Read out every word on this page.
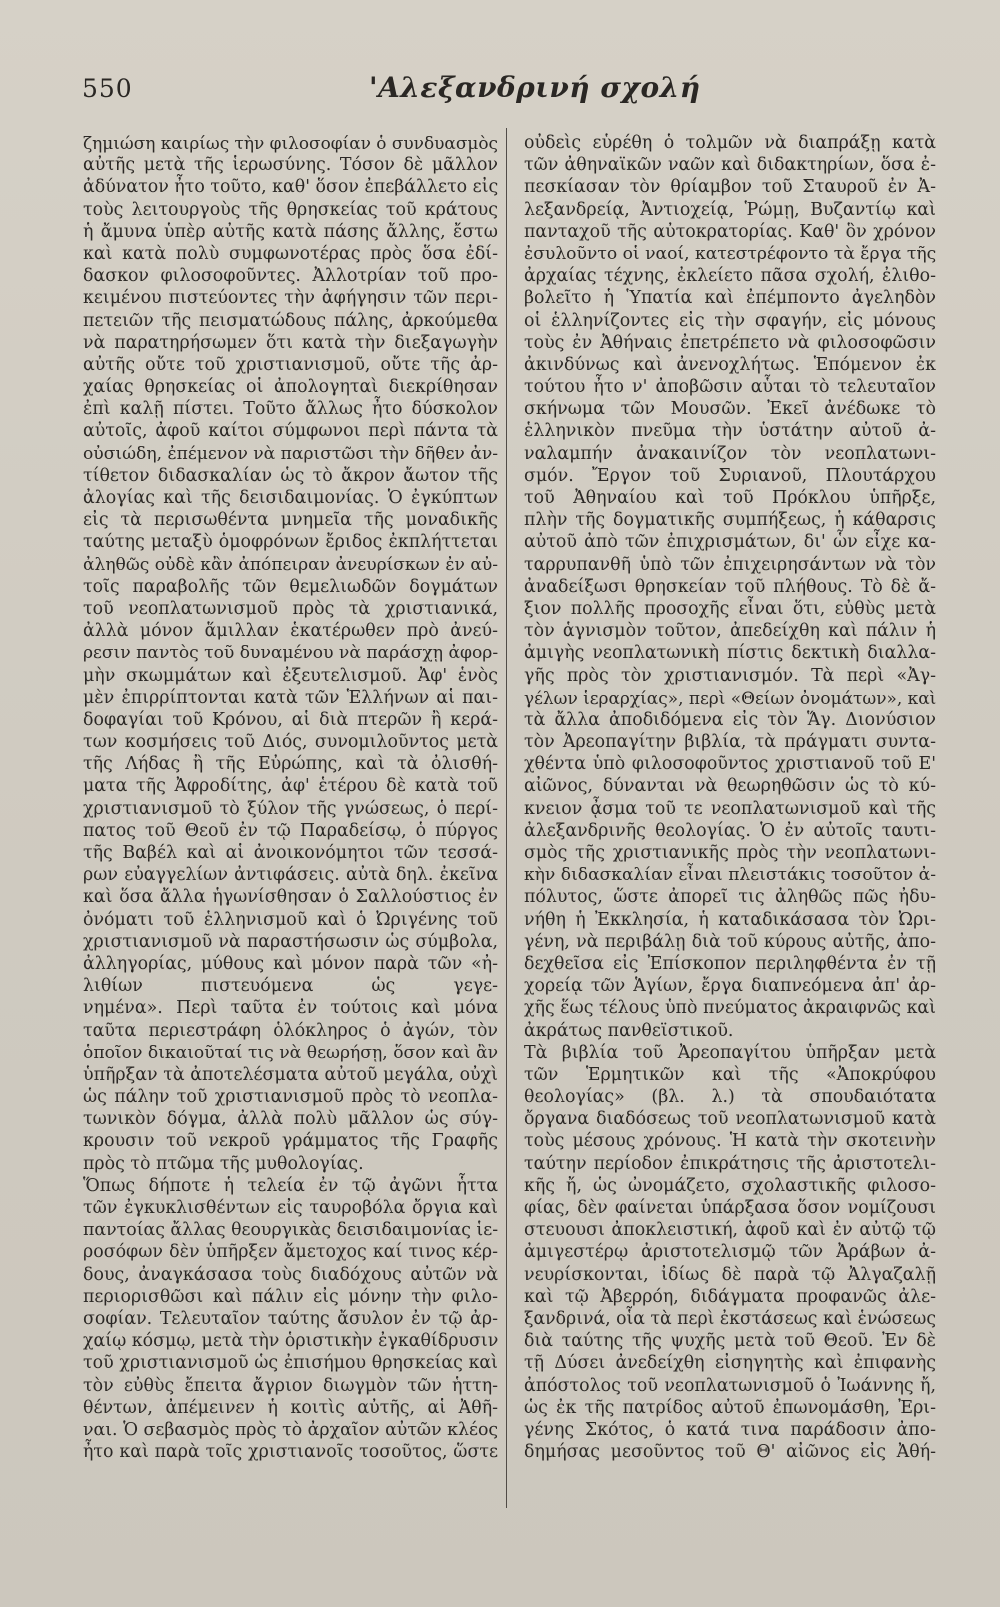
550	'Αλεξανδρινή σχολή
ζημιώση καιρίως τὴν φιλοσοφίαν ὁ συνδυασμὸς
αὐτῆς μετὰ τῆς ἱερωσύνης. Τόσον δὲ μᾶλλον
ἀδύνατον ἦτο τοῦτο, καθ' ὅσον ἐπεβάλλετο εἰς
τοὺς λειτουργοὺς τῆς θρησκείας τοῦ κράτους
ἡ ἄμυνα ὑπὲρ αὐτῆς κατὰ πάσης ἄλλης, ἔστω
καὶ κατὰ πολὺ συμφωνοτέρας πρὸς ὅσα ἐδί-
δασκον φιλοσοφοῦντες. Ἀλλοτρίαν τοῦ προ-
κειμένου πιστεύοντες τὴν ἀφήγησιν τῶν περι-
πετειῶν τῆς πεισματώδους πάλης, ἀρκούμεθα
νὰ παρατηρήσωμεν ὅτι κατὰ τὴν διεξαγωγὴν
αὐτῆς οὔτε τοῦ χριστιανισμοῦ, οὔτε τῆς ἀρ-
χαίας θρησκείας οἱ ἀπολογηταὶ διεκρίθησαν
ἐπὶ καλῇ πίστει. Τοῦτο ἄλλως ἦτο δύσκολον
αὐτοῖς, ἀφοῦ καίτοι σύμφωνοι περὶ πάντα τὰ
οὐσιώδη, ἐπέμενον νὰ παριστῶσι τὴν δῆθεν ἀν-
τίθετον διδασκαλίαν ὡς τὸ ἄκρον ἄωτον τῆς
ἀλογίας καὶ τῆς δεισιδαιμονίας. Ὁ ἐγκύπτων
εἰς τὰ περισωθέντα μνημεῖα τῆς μοναδικῆς
ταύτης μεταξὺ ὁμοφρόνων ἔριδος ἐκπλήττεται
ἀληθῶς οὐδὲ κἂν ἀπόπειραν ἀνευρίσκων ἐν αὐ-
τοῖς παραβολῆς τῶν θεμελιωδῶν δογμάτων
τοῦ νεοπλατωνισμοῦ πρὸς τὰ χριστιανικά,
ἀλλὰ μόνον ἅμιλλαν ἑκατέρωθεν πρὸ ἀνεύ-
ρεσιν παντὸς τοῦ δυναμένου νὰ παράσχῃ ἀφορ-
μὴν σκωμμάτων καὶ ἐξευτελισμοῦ. Ἀφ' ἑνὸς
μὲν ἐπιρρίπτονται κατὰ τῶν Ἑλλήνων αἱ παι-
δοφαγίαι τοῦ Κρόνου, αἱ διὰ πτερῶν ἢ κερά-
των κοσμήσεις τοῦ Διός, συνομιλοῦντος μετὰ
τῆς Λήδας ἢ τῆς Εὐρώπης, καὶ τὰ ὀλισθή-
ματα τῆς Ἀφροδίτης, ἀφ' ἑτέρου δὲ κατὰ τοῦ
χριστιανισμοῦ τὸ ξύλον τῆς γνώσεως, ὁ περί-
πατος τοῦ Θεοῦ ἐν τῷ Παραδείσῳ, ὁ πύργος
τῆς Βαβέλ καὶ αἱ ἀνοικονόμητοι τῶν τεσσά-
ρων εὐαγγελίων ἀντιφάσεις. αὐτὰ δηλ. ἐκεῖνα
καὶ ὅσα ἄλλα ἡγωνίσθησαν ὁ Σαλλούστιος ἐν
ὀνόματι τοῦ ἑλληνισμοῦ καὶ ὁ Ὠριγένης τοῦ
χριστιανισμοῦ νὰ παραστήσωσιν ὡς σύμβολα,
ἀλληγορίας, μύθους καὶ μόνον παρὰ τῶν «ἠ-
λιθίων πιστευόμενα ὡς γεγε-
νημένα». Περὶ ταῦτα ἐν τούτοις καὶ μόνα
ταῦτα περιεστράφη ὁλόκληρος ὁ ἀγών, τὸν
ὁποῖον δικαιοῦταί τις νὰ θεωρήσῃ, ὅσον καὶ ἂν
ὑπῆρξαν τὰ ἀποτελέσματα αὐτοῦ μεγάλα, οὐχὶ
ὡς πάλην τοῦ χριστιανισμοῦ πρὸς τὸ νεοπλα-
τωνικὸν δόγμα, ἀλλὰ πολὺ μᾶλλον ὡς σύγ-
κρουσιν τοῦ νεκροῦ γράμματος τῆς Γραφῆς
πρὸς τὸ πτῶμα τῆς μυθολογίας.
Ὅπως δήποτε ἡ τελεία ἐν τῷ ἀγῶνι ἧττα
τῶν ἐγκυκλισθέντων εἰς ταυροβόλα ὄργια καὶ
παντοίας ἄλλας θεουργικὰς δεισιδαιμονίας ἱε-
ροσόφων δὲν ὑπῆρξεν ἄμετοχος καί τινος κέρ-
δους, ἀναγκάσασα τοὺς διαδόχους αὐτῶν νὰ
περιορισθῶσι καὶ πάλιν εἰς μόνην τὴν φιλο-
σοφίαν. Τελευταῖον ταύτης ἄσυλον ἐν τῷ ἀρ-
χαίῳ κόσμῳ, μετὰ τὴν ὁριστικὴν ἐγκαθίδρυσιν
τοῦ χριστιανισμοῦ ὡς ἐπισήμου θρησκείας καὶ
τὸν εὐθὺς ἔπειτα ἄγριον διωγμὸν τῶν ἡττη-
θέντων, ἀπέμεινεν ἡ κοιτὶς αὐτῆς, αἱ Ἀθῆ-
ναι. Ὁ σεβασμὸς πρὸς τὸ ἀρχαῖον αὐτῶν κλέος
ἦτο καὶ παρὰ τοῖς χριστιανοῖς τοσοῦτος, ὥστε
οὐδεὶς εὑρέθη ὁ τολμῶν νὰ διαπράξῃ κατὰ
τῶν ἀθηναϊκῶν ναῶν καὶ διδακτηρίων, ὅσα ἐ-
πεσκίασαν τὸν θρίαμβον τοῦ Σταυροῦ ἐν Ἀ-
λεξανδρείᾳ, Ἀντιοχείᾳ, Ῥώμῃ, Βυζαντίῳ καὶ
πανταχοῦ τῆς αὐτοκρατορίας. Καθ' ὃν χρόνον
ἐσυλοῦντο οἱ ναοί, κατεστρέφοντο τὰ ἔργα τῆς
ἀρχαίας τέχνης, ἐκλείετο πᾶσα σχολή, ἐλιθο-
βολεῖτο ἡ Ὑπατία καὶ ἐπέμποντο ἀγεληδὸν
οἱ ἑλληνίζοντες εἰς τὴν σφαγήν, εἰς μόνους
τοὺς ἐν Ἀθήναις ἐπετρέπετο νὰ φιλοσοφῶσιν
ἀκινδύνως καὶ ἀνενοχλήτως. Ἑπόμενον ἐκ
τούτου ἦτο ν' ἀποβῶσιν αὗται τὸ τελευταῖον
σκήνωμα τῶν Μουσῶν. Ἐκεῖ ἀνέδωκε τὸ
ἑλληνικὸν πνεῦμα τὴν ὑστάτην αὐτοῦ ἀ-
ναλαμπήν ἀνακαινίζον τὸν νεοπλατωνι-
σμόν. Ἔργον τοῦ Συριανοῦ, Πλουτάρχου
τοῦ Ἀθηναίου καὶ τοῦ Πρόκλου ὑπῆρξε,
πλὴν τῆς δογματικῆς συμπήξεως, ἡ κάθαρσις
αὐτοῦ ἀπὸ τῶν ἐπιχρισμάτων, δι' ὧν εἶχε κα-
ταρρυπανθῆ ὑπὸ τῶν ἐπιχειρησάντων νὰ τὸν
ἀναδείξωσι θρησκείαν τοῦ πλήθους. Τὸ δὲ ἄ-
ξιον πολλῆς προσοχῆς εἶναι ὅτι, εὐθὺς μετὰ
τὸν ἁγνισμὸν τοῦτον, ἀπεδείχθη καὶ πάλιν ἡ
ἀμιγὴς νεοπλατωνικὴ πίστις δεκτικὴ διαλλα-
γῆς πρὸς τὸν χριστιανισμόν. Τὰ περὶ «Ἀγ-
γέλων ἱεραρχίας», περὶ «Θείων ὀνομάτων», καὶ
τὰ ἄλλα ἀποδιδόμενα εἰς τὸν Ἅγ. Διονύσιον
τὸν Ἀρεοπαγίτην βιβλία, τὰ πράγματι συντα-
χθέντα ὑπὸ φιλοσοφοῦντος χριστιανοῦ τοῦ Ε'
αἰῶνος, δύνανται νὰ θεωρηθῶσιν ὡς τὸ κύ-
κνειον ᾆσμα τοῦ τε νεοπλατωνισμοῦ καὶ τῆς
ἀλεξανδρινῆς θεολογίας. Ὁ ἐν αὐτοῖς ταυτι-
σμὸς τῆς χριστιανικῆς πρὸς τὴν νεοπλατωνι-
κὴν διδασκαλίαν εἶναι πλειστάκις τοσοῦτον ἀ-
πόλυτος, ὥστε ἀπορεῖ τις ἀληθῶς πῶς ἠδυ-
νήθη ἡ Ἐκκλησία, ἡ καταδικάσασα τὸν Ὠρι-
γένη, νὰ περιβάλῃ διὰ τοῦ κύρους αὐτῆς, ἀπο-
δεχθεῖσα εἰς Ἐπίσκοπον περιληφθέντα ἐν τῇ
χορείᾳ τῶν Ἁγίων, ἔργα διαπνεόμενα ἀπ' ἀρ-
χῆς ἕως τέλους ὑπὸ πνεύματος ἀκραιφνῶς καὶ
ἀκράτως πανθεϊστικοῦ.
Τὰ βιβλία τοῦ Ἀρεοπαγίτου ὑπῆρξαν μετὰ
τῶν Ἑρμητικῶν καὶ τῆς «Ἀποκρύφου
θεολογίας» (βλ. λ.) τὰ σπουδαιότατα
ὄργανα διαδόσεως τοῦ νεοπλατωνισμοῦ κατὰ
τοὺς μέσους χρόνους. Ἡ κατὰ τὴν σκοτεινὴν
ταύτην περίοδον ἐπικράτησις τῆς ἀριστοτελι-
κῆς ἤ, ὡς ὠνομάζετο, σχολαστικῆς φιλοσο-
φίας, δὲν φαίνεται ὑπάρξασα ὅσον νομίζουσι
στευουσι ἀποκλειστική, ἀφοῦ καὶ ἐν αὐτῷ τῷ
ἀμιγεστέρῳ ἀριστοτελισμῷ τῶν Ἀράβων ἀ-
νευρίσκονται, ἰδίως δὲ παρὰ τῷ Ἀλγαζαλῇ
καὶ τῷ Ἀβερρόη, διδάγματα προφανῶς ἀλε-
ξανδρινά, οἷα τὰ περὶ ἐκστάσεως καὶ ἑνώσεως
διὰ ταύτης τῆς ψυχῆς μετὰ τοῦ Θεοῦ. Ἐν δὲ
τῇ Δύσει ἀνεδείχθη εἰσηγητὴς καὶ ἐπιφανὴς
ἀπόστολος τοῦ νεοπλατωνισμοῦ ὁ Ἰωάννης ἤ,
ὡς ἐκ τῆς πατρίδος αὐτοῦ ἐπωνομάσθη, Ἐρι-
γένης Σκότος, ὁ κατά τινα παράδοσιν ἀπο-
δημήσας μεσοῦντος τοῦ Θ' αἰῶνος εἰς Ἀθή-
